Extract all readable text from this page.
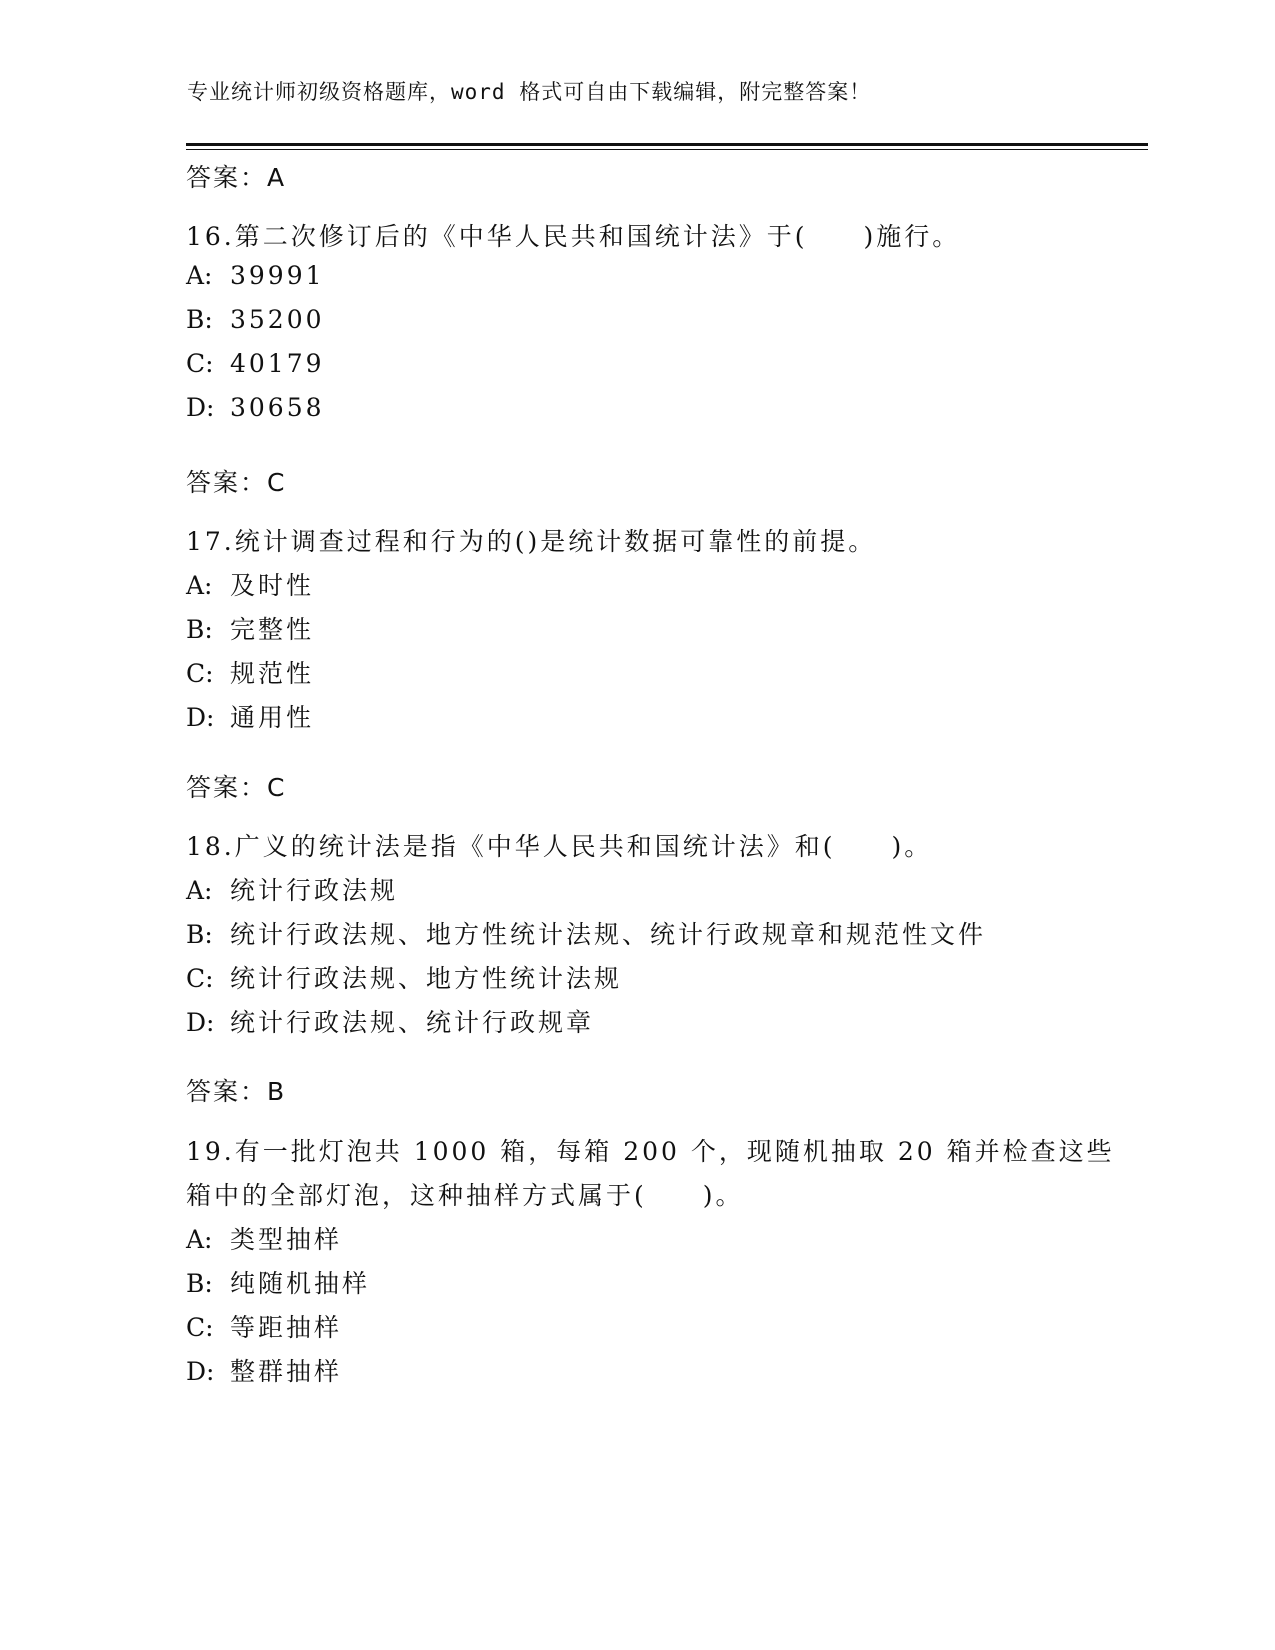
专业统计师初级资格题库，word 格式可自由下载编辑，附完整答案！
答案：A
16.第二次修订后的《中华人民共和国统计法》于(　　)施行。
A: 39991
B: 35200
C: 40179
D: 30658
答案：C
17.统计调查过程和行为的()是统计数据可靠性的前提。
A: 及时性
B: 完整性
C: 规范性
D: 通用性
答案：C
18.广义的统计法是指《中华人民共和国统计法》和(　　)。
A: 统计行政法规
B: 统计行政法规、地方性统计法规、统计行政规章和规范性文件
C: 统计行政法规、地方性统计法规
D: 统计行政法规、统计行政规章
答案：B
19.有一批灯泡共 1000 箱，每箱 200 个，现随机抽取 20 箱并检查这些
箱中的全部灯泡，这种抽样方式属于(　　)。
A: 类型抽样
B: 纯随机抽样
C: 等距抽样
D: 整群抽样
